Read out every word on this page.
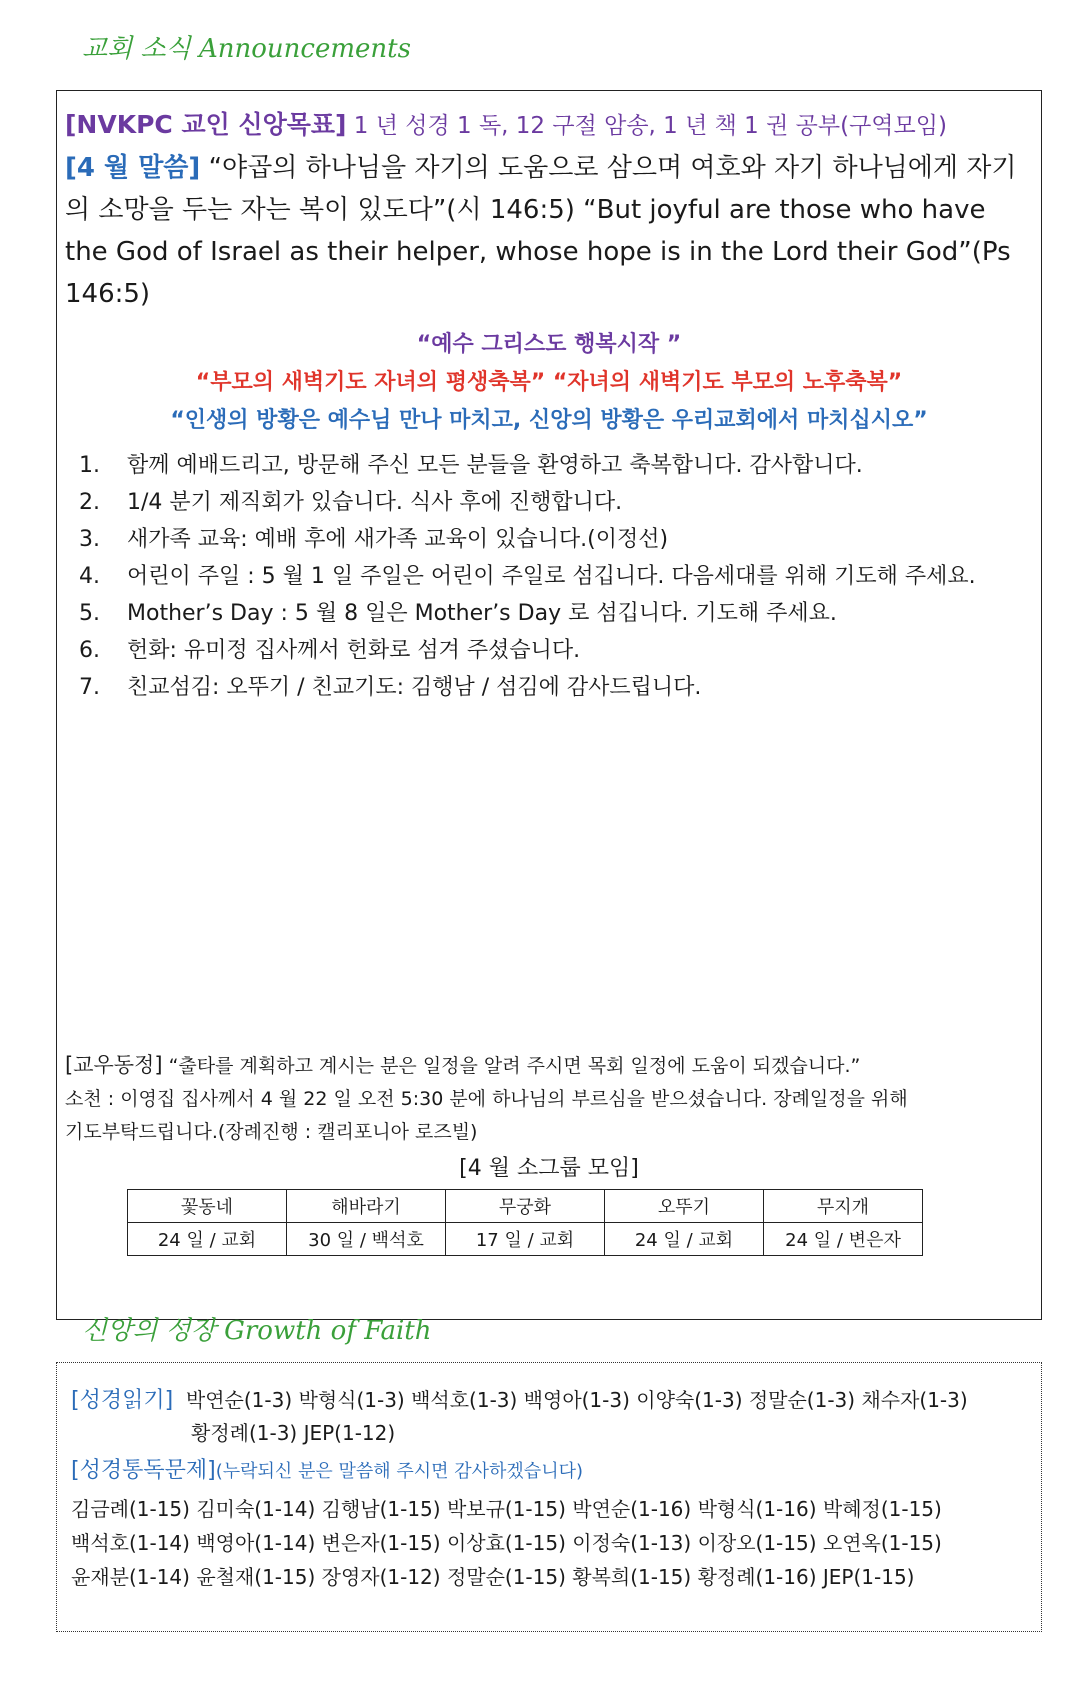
교회 소식 Announcements
[NVKPC 교인 신앙목표] 1 년 성경 1 독, 12 구절 암송, 1 년 책 1 권 공부(구역모임)
[4 월 말씀] “야곱의 하나님을 자기의 도움으로 삼으며 여호와 자기 하나님에게 자기의 소망을 두는 자는 복이 있도다”(시 146:5) “But joyful are those who have the God of Israel as their helper, whose hope is in the Lord their God”(Ps 146:5)
“예수 그리스도 행복시작 ”
“부모의 새벽기도 자녀의 평생축복” “자녀의 새벽기도 부모의 노후축복”
“인생의 방황은 예수님 만나 마치고, 신앙의 방황은 우리교회에서 마치십시오”
1. 함께 예배드리고, 방문해 주신 모든 분들을 환영하고 축복합니다. 감사합니다.
2. 1/4 분기 제직회가 있습니다. 식사 후에 진행합니다.
3. 새가족 교육: 예배 후에 새가족 교육이 있습니다.(이정선)
4. 어린이 주일 : 5 월 1 일 주일은 어린이 주일로 섬깁니다. 다음세대를 위해 기도해 주세요.
5. Mother’s Day : 5 월 8 일은 Mother’s Day 로 섬깁니다. 기도해 주세요.
6. 헌화: 유미정 집사께서 헌화로 섬겨 주셨습니다.
7. 친교섬김: 오뚜기 / 친교기도: 김행남 / 섬김에 감사드립니다.
[교우동정] “출타를 계획하고 계시는 분은 일정을 알려 주시면 목회 일정에 도움이 되겠습니다.”
소천 : 이영집 집사께서 4 월 22 일 오전 5:30 분에 하나님의 부르심을 받으셨습니다. 장례일정을 위해
기도부탁드립니다.(장례진행 : 캘리포니아 로즈빌)
[4 월 소그룹 모임]
꽃동네	해바라기	무궁화	오뚜기	무지개
24 일 / 교회	30 일 / 백석호	17 일 / 교회	24 일 / 교회	24 일 / 변은자
신앙의 성장 Growth of Faith
[성경읽기] 박연순(1-3) 박형식(1-3) 백석호(1-3) 백영아(1-3) 이양숙(1-3) 정말순(1-3) 채수자(1-3)
황정례(1-3) JEP(1-12)
[성경통독문제](누락되신 분은 말씀해 주시면 감사하겠습니다)
김금례(1-15) 김미숙(1-14) 김행남(1-15) 박보규(1-15) 박연순(1-16) 박형식(1-16) 박혜정(1-15)
백석호(1-14) 백영아(1-14) 변은자(1-15) 이상효(1-15) 이정숙(1-13) 이장오(1-15) 오연옥(1-15)
윤재분(1-14) 윤철재(1-15) 장영자(1-12) 정말순(1-15) 황복희(1-15) 황정례(1-16) JEP(1-15)
